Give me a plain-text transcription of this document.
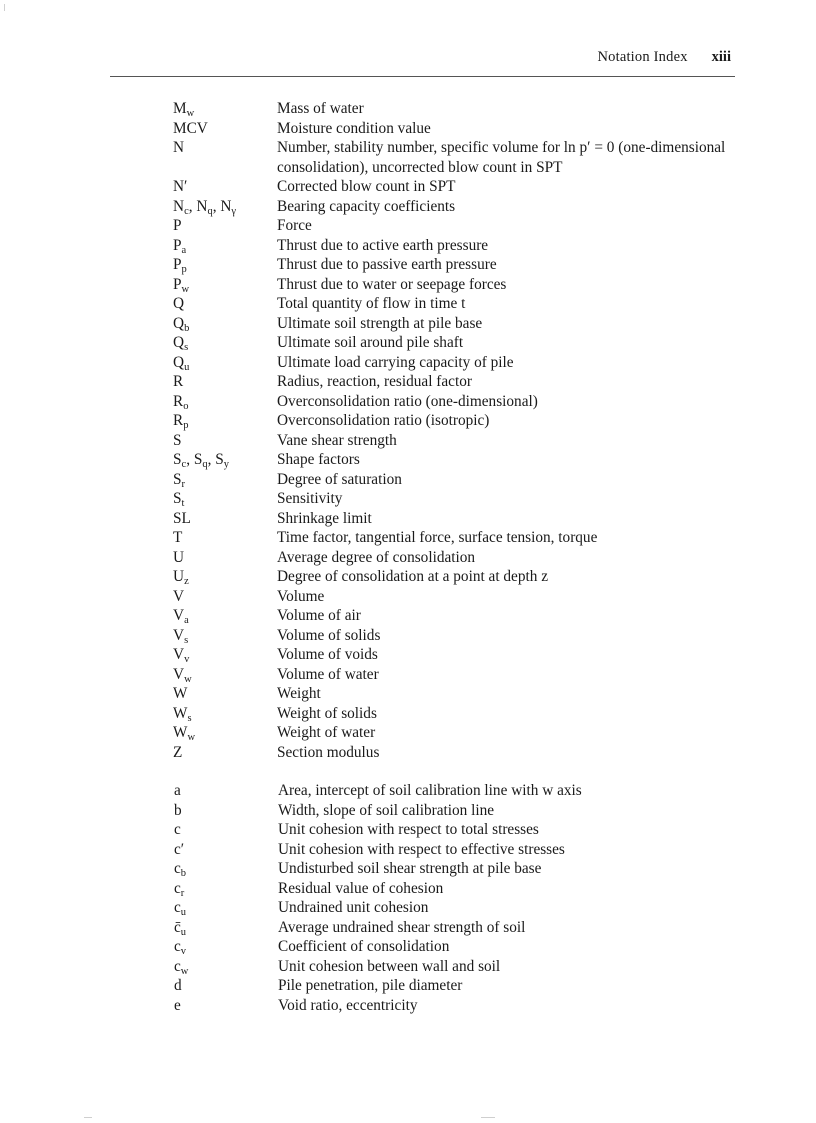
Notation Index xiii
$M_w$	Mass of water
MCV	Moisture condition value
N	Number, stability number, specific volume for ln p′ = 0 (one-dimensional consolidation), uncorrected blow count in SPT
N′	Corrected blow count in SPT
$N_c$, $N_q$, $N_\gamma$	Bearing capacity coefficients
P	Force
$P_a$	Thrust due to active earth pressure
$P_p$	Thrust due to passive earth pressure
$P_w$	Thrust due to water or seepage forces
Q	Total quantity of flow in time t
$Q_b$	Ultimate soil strength at pile base
$Q_s$	Ultimate soil around pile shaft
$Q_u$	Ultimate load carrying capacity of pile
R	Radius, reaction, residual factor
$R_o$	Overconsolidation ratio (one-dimensional)
$R_p$	Overconsolidation ratio (isotropic)
S	Vane shear strength
$S_c$, $S_q$, $S_y$	Shape factors
$S_r$	Degree of saturation
$S_t$	Sensitivity
SL	Shrinkage limit
T	Time factor, tangential force, surface tension, torque
U	Average degree of consolidation
$U_z$	Degree of consolidation at a point at depth z
V	Volume
$V_a$	Volume of air
$V_s$	Volume of solids
$V_v$	Volume of voids
$V_w$	Volume of water
W	Weight
$W_s$	Weight of solids
$W_w$	Weight of water
Z	Section modulus
a	Area, intercept of soil calibration line with w axis
b	Width, slope of soil calibration line
c	Unit cohesion with respect to total stresses
c′	Unit cohesion with respect to effective stresses
$c_b$	Undisturbed soil shear strength at pile base
$c_r$	Residual value of cohesion
$c_u$	Undrained unit cohesion
$c̄_u$	Average undrained shear strength of soil
$c_v$	Coefficient of consolidation
$c_w$	Unit cohesion between wall and soil
d	Pile penetration, pile diameter
e	Void ratio, eccentricity
